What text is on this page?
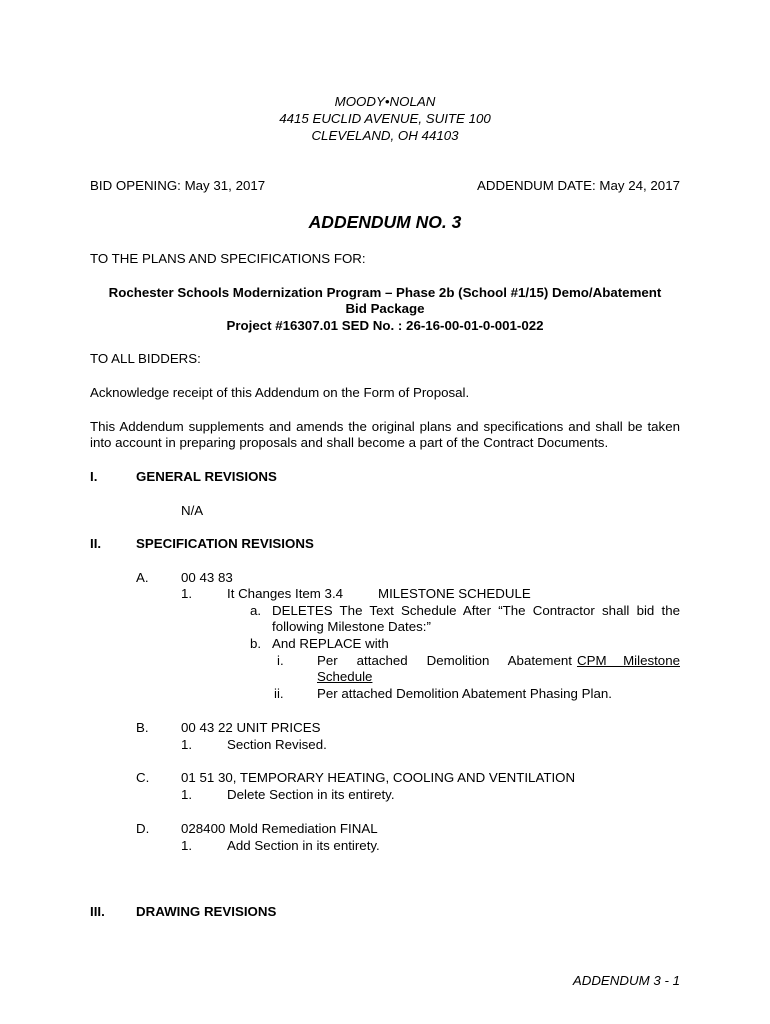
MOODY•NOLAN
4415 EUCLID AVENUE, SUITE 100
CLEVELAND, OH 44103
BID OPENING: May 31, 2017	ADDENDUM DATE: May 24, 2017
ADDENDUM NO. 3
TO THE PLANS AND SPECIFICATIONS FOR:
Rochester Schools Modernization Program – Phase 2b (School #1/15) Demo/Abatement
Bid Package
Project #16307.01 SED No. : 26-16-00-01-0-001-022
TO ALL BIDDERS:
Acknowledge receipt of this Addendum on the Form of Proposal.
This Addendum supplements and amends the original plans and specifications and shall be taken
into account in preparing proposals and shall become a part of the Contract Documents.
I.	GENERAL REVISIONS
N/A
II.	SPECIFICATION REVISIONS
A. 00 43 83
1.	It Changes Item 3.4	MILESTONE SCHEDULE
a. DELETES The Text Schedule After “The Contractor shall bid the
following Milestone Dates:”
b. And REPLACE with
i.	Per attached Demolition Abatement CPM Milestone
Schedule
ii.	Per attached Demolition Abatement Phasing Plan.
B. 00 43 22 UNIT PRICES
1.	Section Revised.
C. 01 51 30, TEMPORARY HEATING, COOLING AND VENTILATION
1.	Delete Section in its entirety.
D. 028400 Mold Remediation FINAL
1.	Add Section in its entirety.
III. DRAWING REVISIONS
ADDENDUM 3 - 1
